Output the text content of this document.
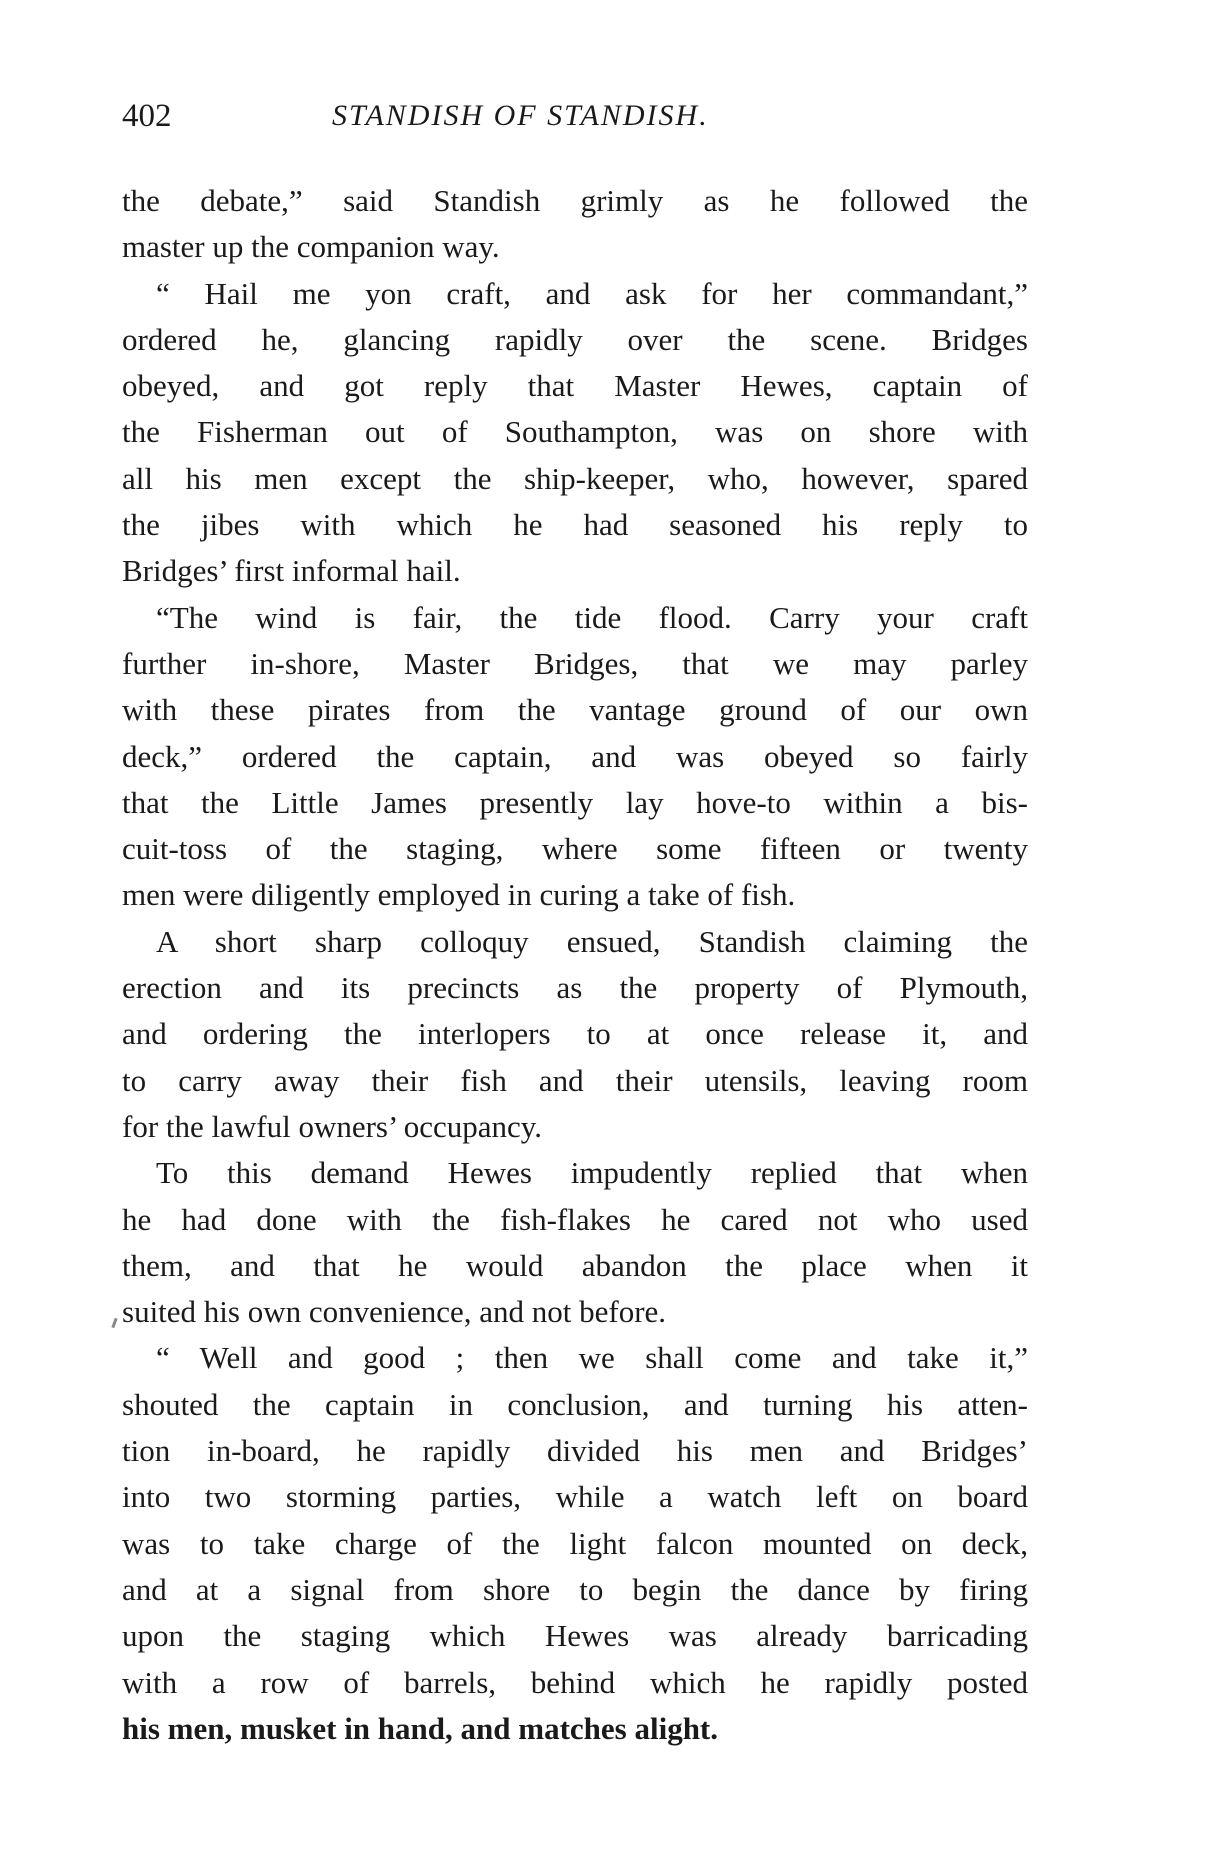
402	STANDISH OF STANDISH.
the debate,” said Standish grimly as he followed the
master up the companion way.
“ Hail me yon craft, and ask for her commandant,”
ordered he, glancing rapidly over the scene. Bridges
obeyed, and got reply that Master Hewes, captain of
the Fisherman out of Southampton, was on shore with
all his men except the ship-keeper, who, however, spared
the jibes with which he had seasoned his reply to
Bridges’ first informal hail.
“The wind is fair, the tide flood. Carry your craft
further in-shore, Master Bridges, that we may parley
with these pirates from the vantage ground of our own
deck,” ordered the captain, and was obeyed so fairly
that the Little James presently lay hove-to within a bis-
cuit-toss of the staging, where some fifteen or twenty
men were diligently employed in curing a take of fish.
A short sharp colloquy ensued, Standish claiming the
erection and its precincts as the property of Plymouth,
and ordering the interlopers to at once release it, and
to carry away their fish and their utensils, leaving room
for the lawful owners’ occupancy.
To this demand Hewes impudently replied that when
he had done with the fish-flakes he cared not who used
them, and that he would abandon the place when it
suited his own convenience, and not before.
“ Well and good ; then we shall come and take it,”
shouted the captain in conclusion, and turning his atten-
tion in-board, he rapidly divided his men and Bridges’
into two storming parties, while a watch left on board
was to take charge of the light falcon mounted on deck,
and at a signal from shore to begin the dance by firing
upon the staging which Hewes was already barricading
with a row of barrels, behind which he rapidly posted
his men, musket in hand, and matches alight.
